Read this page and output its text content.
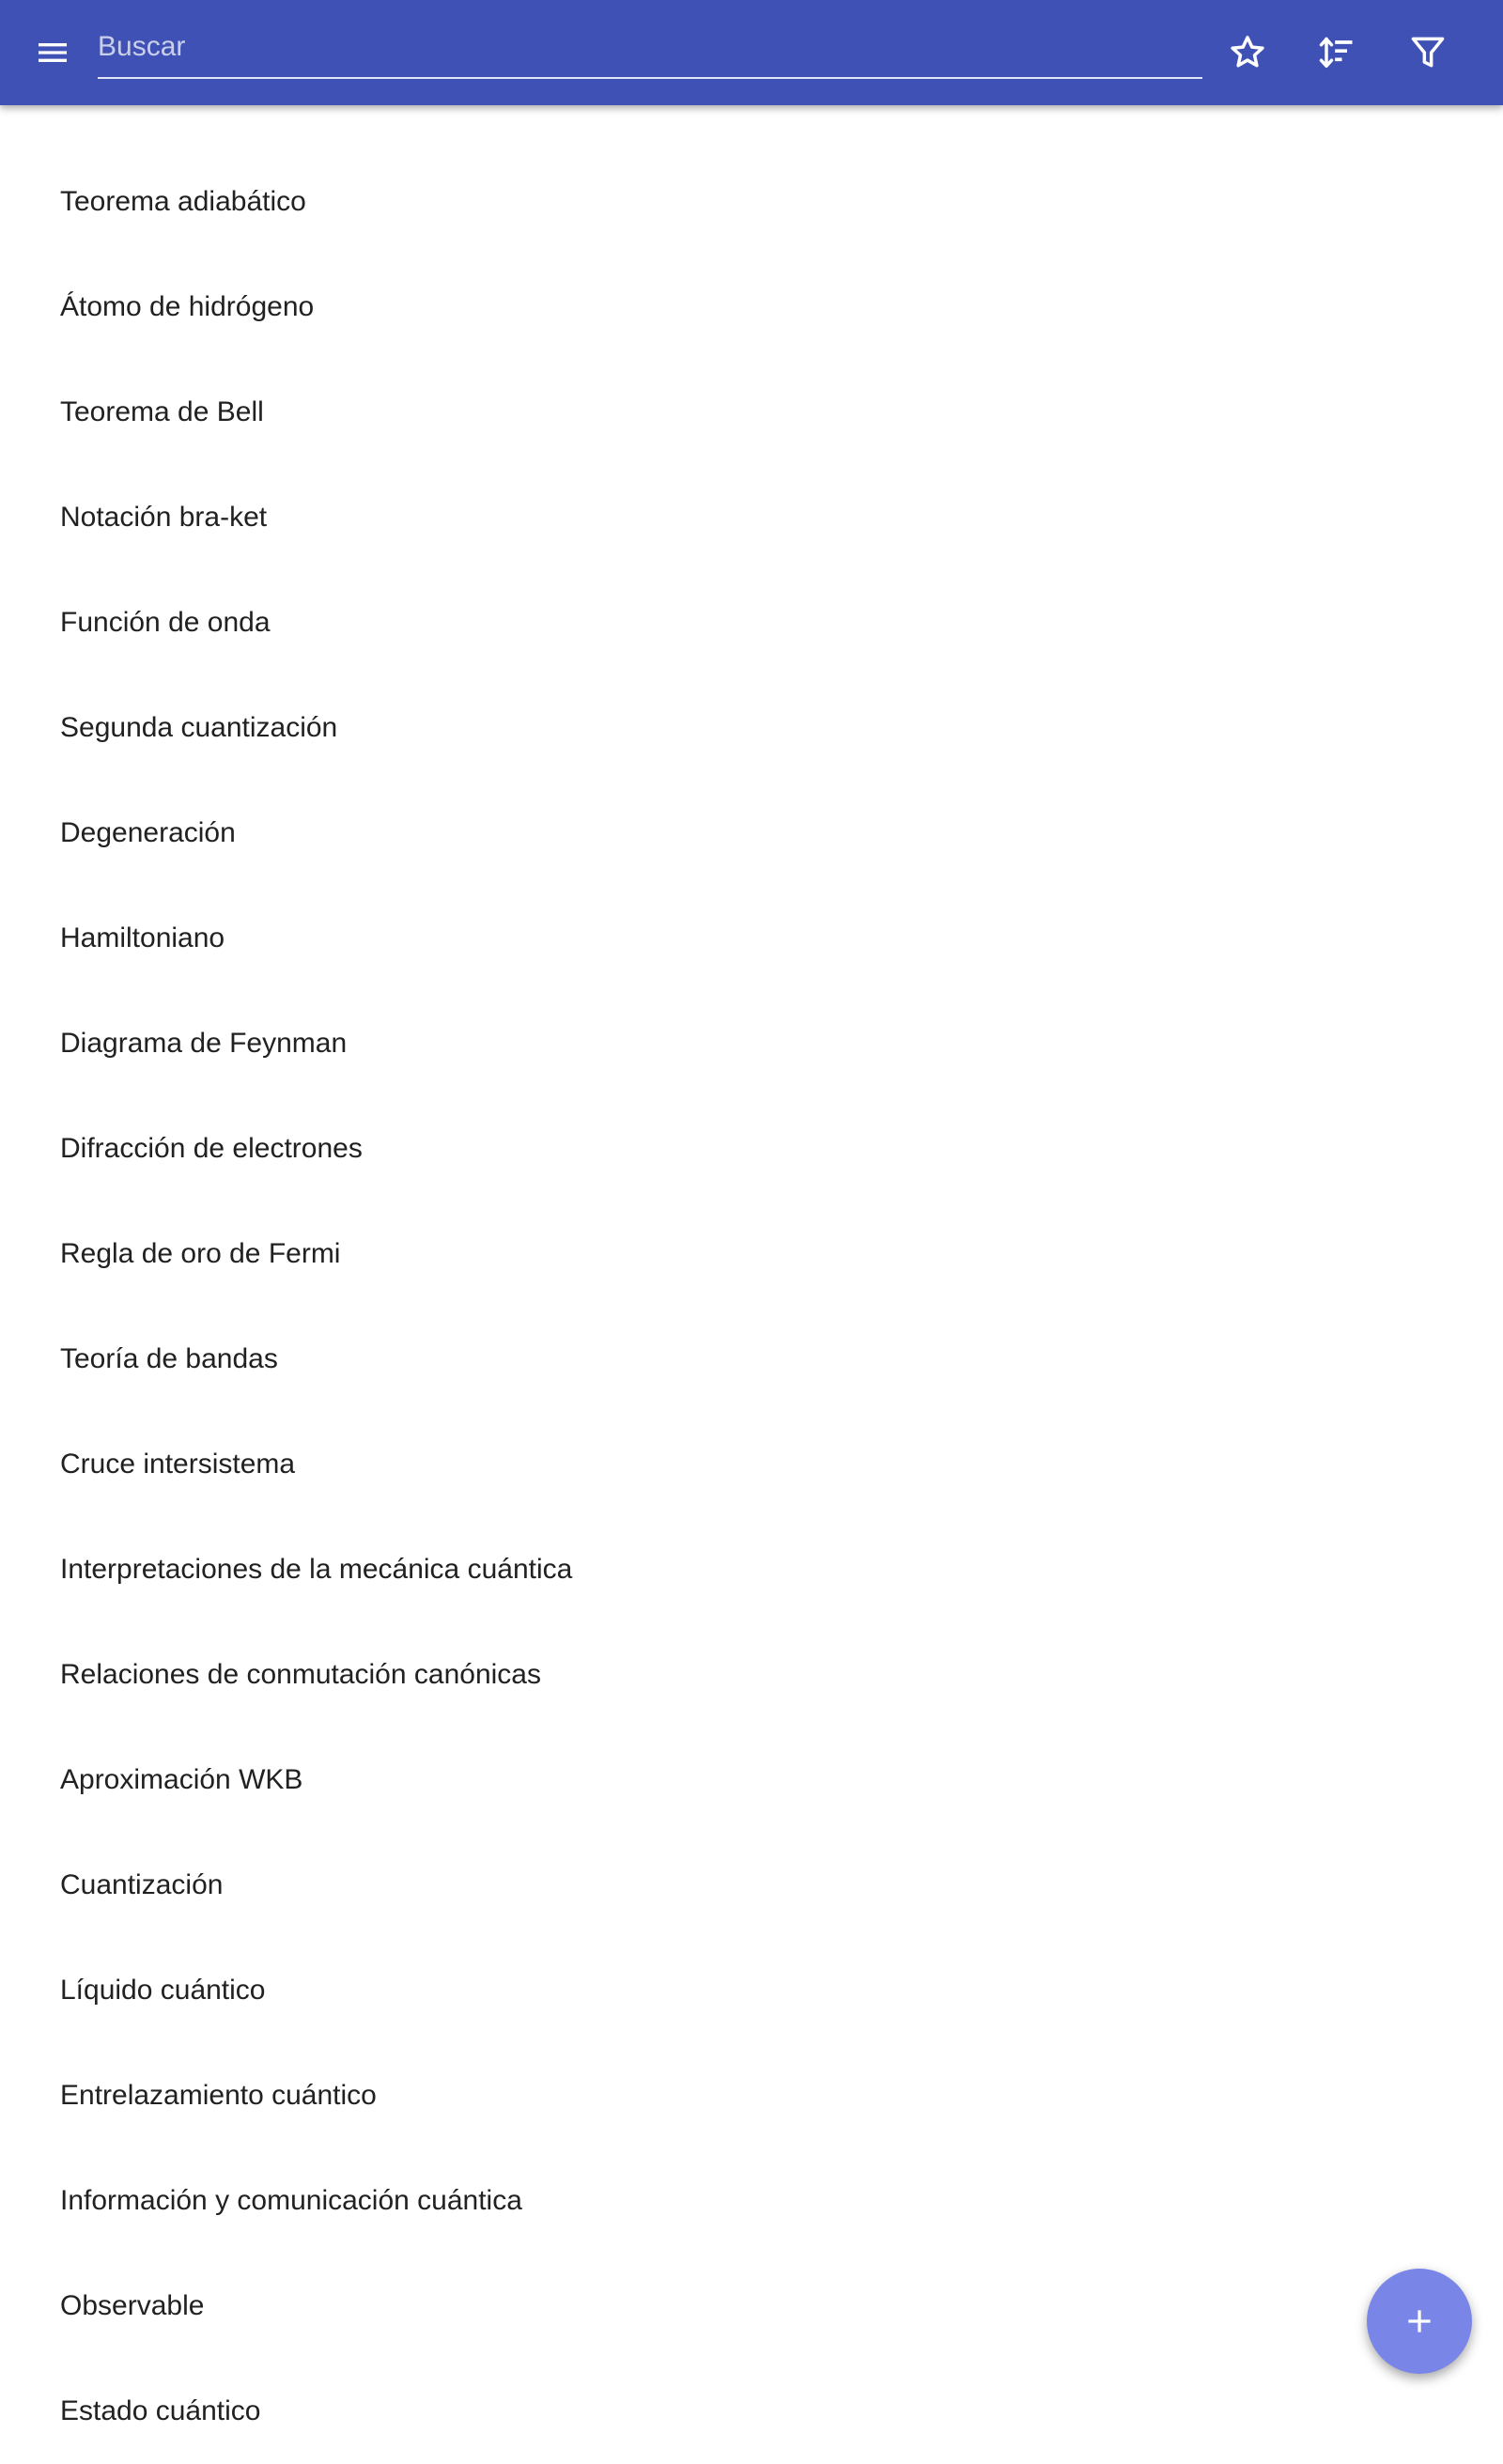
Buscar
Teorema adiabático
Átomo de hidrógeno
Teorema de Bell
Notación bra-ket
Función de onda
Segunda cuantización
Degeneración
Hamiltoniano
Diagrama de Feynman
Difracción de electrones
Regla de oro de Fermi
Teoría de bandas
Cruce intersistema
Interpretaciones de la mecánica cuántica
Relaciones de conmutación canónicas
Aproximación WKB
Cuantización
Líquido cuántico
Entrelazamiento cuántico
Información y comunicación cuántica
Observable
Estado cuántico
